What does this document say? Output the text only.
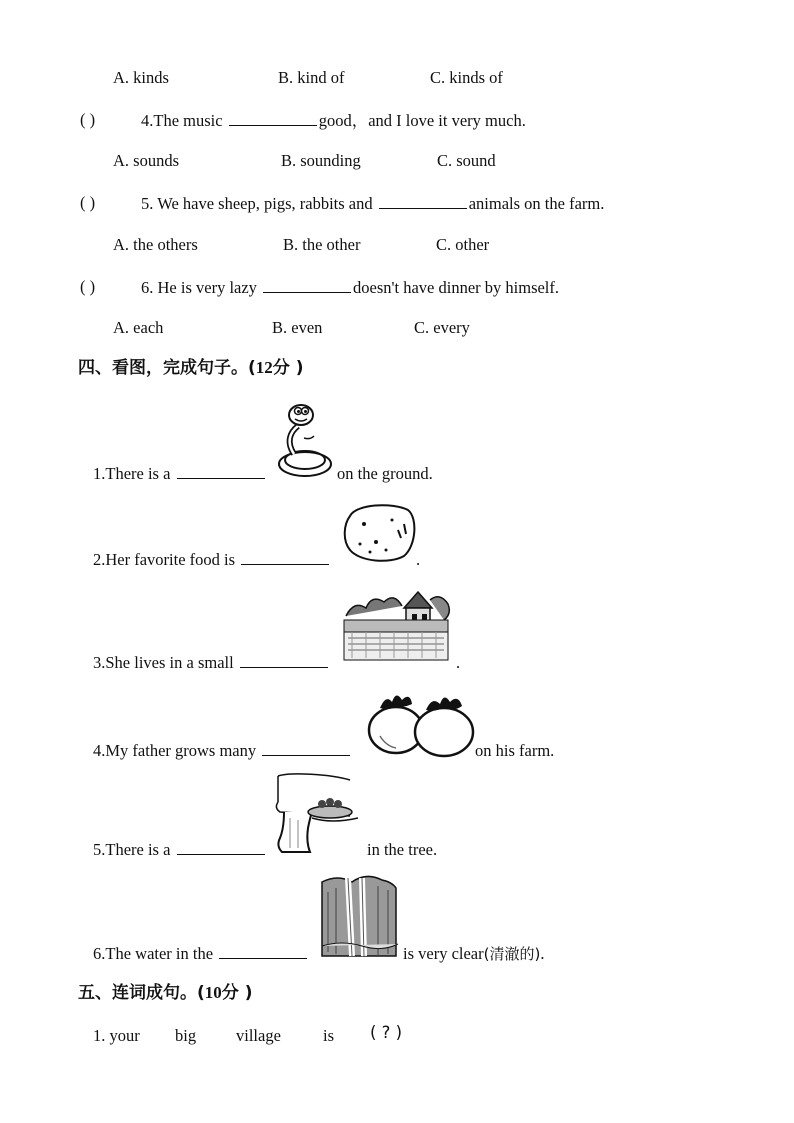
A. kinds	B. kind of	C. kinds of
( )	4.The music	good，and I love it very much.
A. sounds	B. sounding	C. sound
( )	5. We have sheep, pigs, rabbits and	animals on the farm.
A. the others	B. the other	C. other
( )	6. He is very lazy	doesn't have dinner by himself.
A. each	B. even	C. every
四、看图，完成句子。(12分 )
1.There is a	on the ground.
2.Her favorite food is	.
3.She lives in a small	.
4.My father grows many	on his farm.
5.There is a	in the tree.
6.The water in the	is very clear(清澈的).
五、连词成句。(10分 )
1. your big village	is ( ? )
